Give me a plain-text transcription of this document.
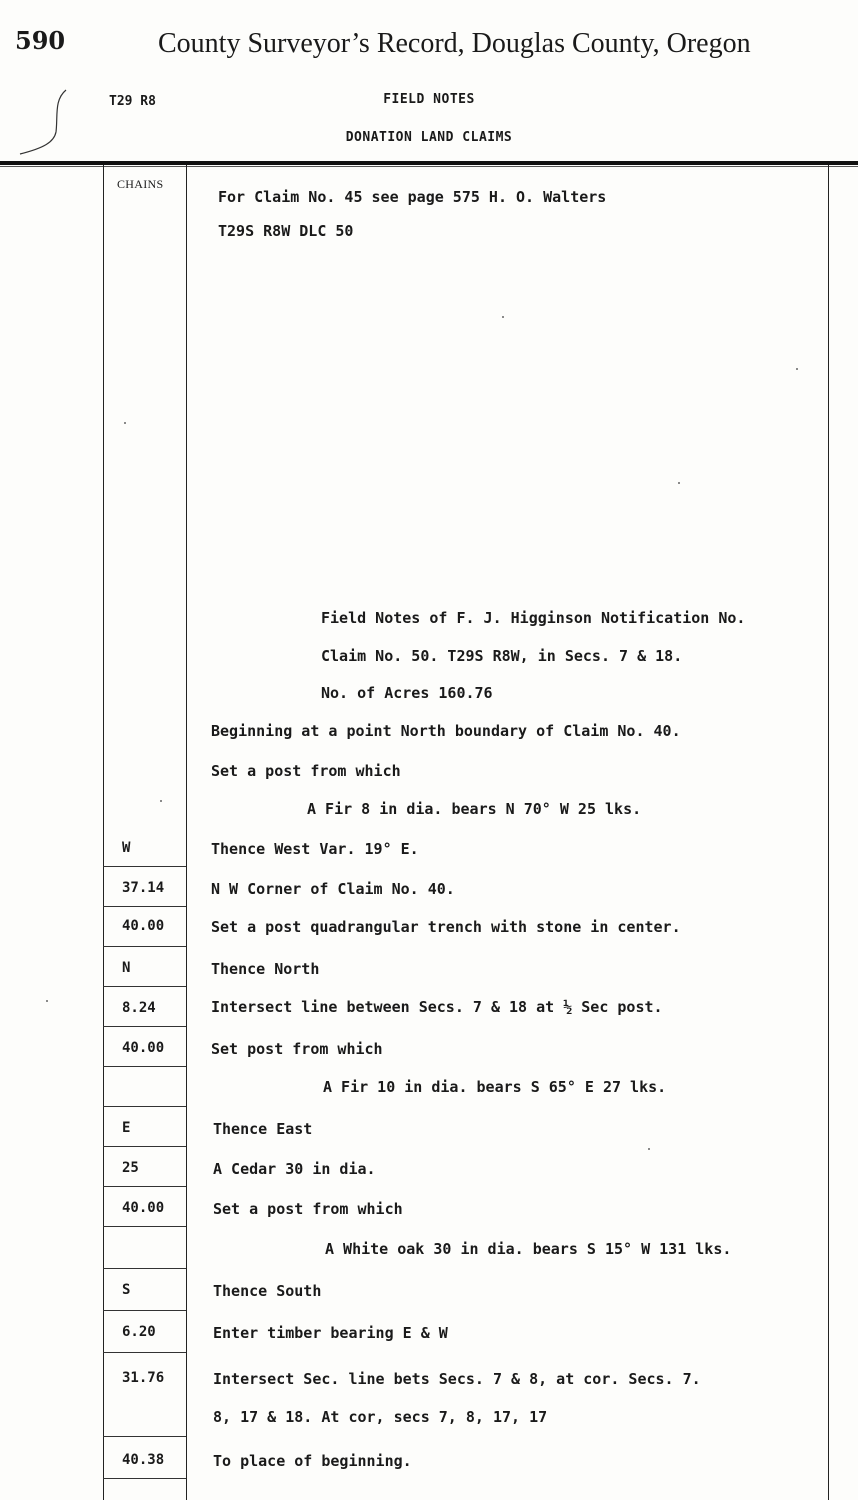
590	County Surveyor’s Record, Douglas County, Oregon
T29 R8	FIELD NOTES
DONATION LAND CLAIMS
CHAINS
For Claim No. 45 see page 575 H. O. Walters
T29S R8W DLC 50
Field Notes of F. J. Higginson Notification No.
Claim No. 50. T29S R8W, in Secs. 7 & 18.
No. of Acres 160.76
W
37.14
40.00
N
8.24
40.00
E
25
40.00
S
6.20
31.76
40.38
Beginning at a point North boundary of Claim No. 40.
Set a post from which
A Fir 8 in dia. bears N 70° W 25 lks.
Thence West Var. 19° E.
N W Corner of Claim No. 40.
Set a post quadrangular trench with stone in center.
Thence North
Intersect line between Secs. 7 & 18 at ½ Sec post.
Set post from which
A Fir 10 in dia. bears S 65° E 27 lks.
Thence East
A Cedar 30 in dia.
Set a post from which
A White oak 30 in dia. bears S 15° W 131 lks.
Thence South
Enter timber bearing E & W
Intersect Sec. line bets Secs. 7 & 8, at cor. Secs. 7.
8, 17 & 18. At cor, secs 7, 8, 17, 17
To place of beginning.
